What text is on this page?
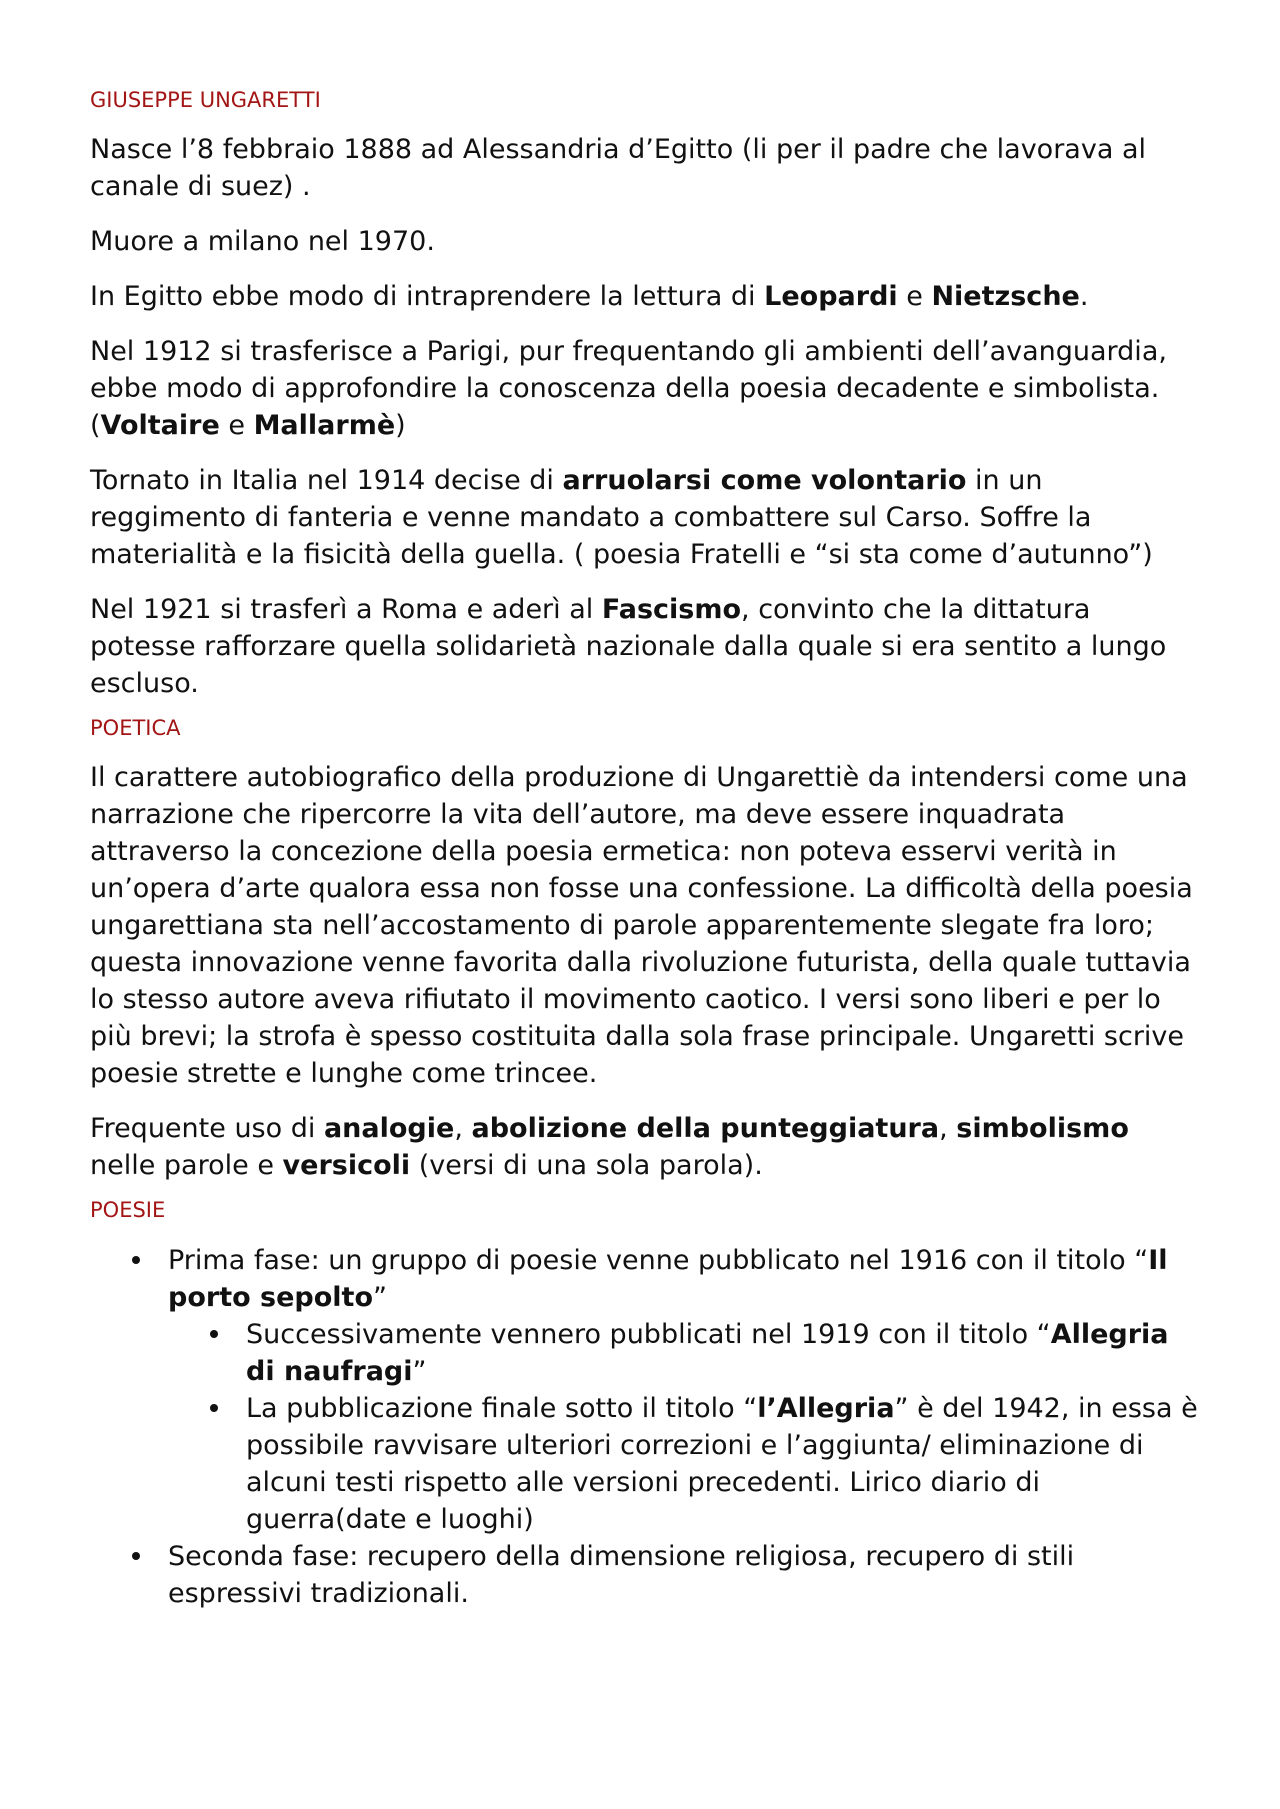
GIUSEPPE UNGARETTI

Nasce l’8 febbraio 1888 ad Alessandria d’Egitto (li per il padre che lavorava al canale di suez) .

Muore a milano nel 1970.

In Egitto ebbe modo di intraprendere la lettura di Leopardi e Nietzsche.

Nel 1912 si trasferisce a Parigi, pur frequentando gli ambienti dell’avanguardia, ebbe modo di approfondire la conoscenza della poesia decadente e simbolista.(Voltaire e Mallarmè)

Tornato in Italia nel 1914 decise di arruolarsi come volontario in un reggimento di fanteria e venne mandato a combattere sul Carso. Soffre la materialità e la fisicità della guella. ( poesia Fratelli e “si sta come d’autunno”)

Nel 1921 si trasferì a Roma e aderì al Fascismo, convinto che la dittatura potesse rafforzare quella solidarietà nazionale dalla quale si era sentito a lungo escluso.

POETICA

Il carattere autobiografico della produzione di Ungarettiè da intendersi come una narrazione che ripercorre la vita dell’autore, ma deve essere inquadrata attraverso la concezione della poesia ermetica: non poteva esservi verità in un’opera d’arte qualora essa non fosse una confessione. La difficoltà della poesia ungarettiana sta nell’accostamento di parole apparentemente slegate fra loro; questa innovazione venne favorita dalla rivoluzione futurista, della quale tuttavia lo stesso autore aveva rifiutato il movimento caotico. I versi sono liberi e per lo più brevi; la strofa è spesso costituita dalla sola frase principale. Ungaretti scrive poesie strette e lunghe come trincee.

Frequente uso di analogie, abolizione della punteggiatura, simbolismo nelle parole e versicoli (versi di una sola parola).

POESIE
Prima fase: un gruppo di poesie venne pubblicato nel 1916 con il titolo “Il porto sepolto”
Successivamente vennero pubblicati nel 1919 con il titolo “Allegria di naufragi”
La pubblicazione finale sotto il titolo “l’Allegria” è del 1942, in essa è possibile ravvisare ulteriori correzioni e l’aggiunta/ eliminazione di alcuni testi rispetto alle versioni precedenti. Lirico diario di guerra(date e luoghi)
Seconda fase: recupero della dimensione religiosa, recupero di stili espressivi tradizionali.
